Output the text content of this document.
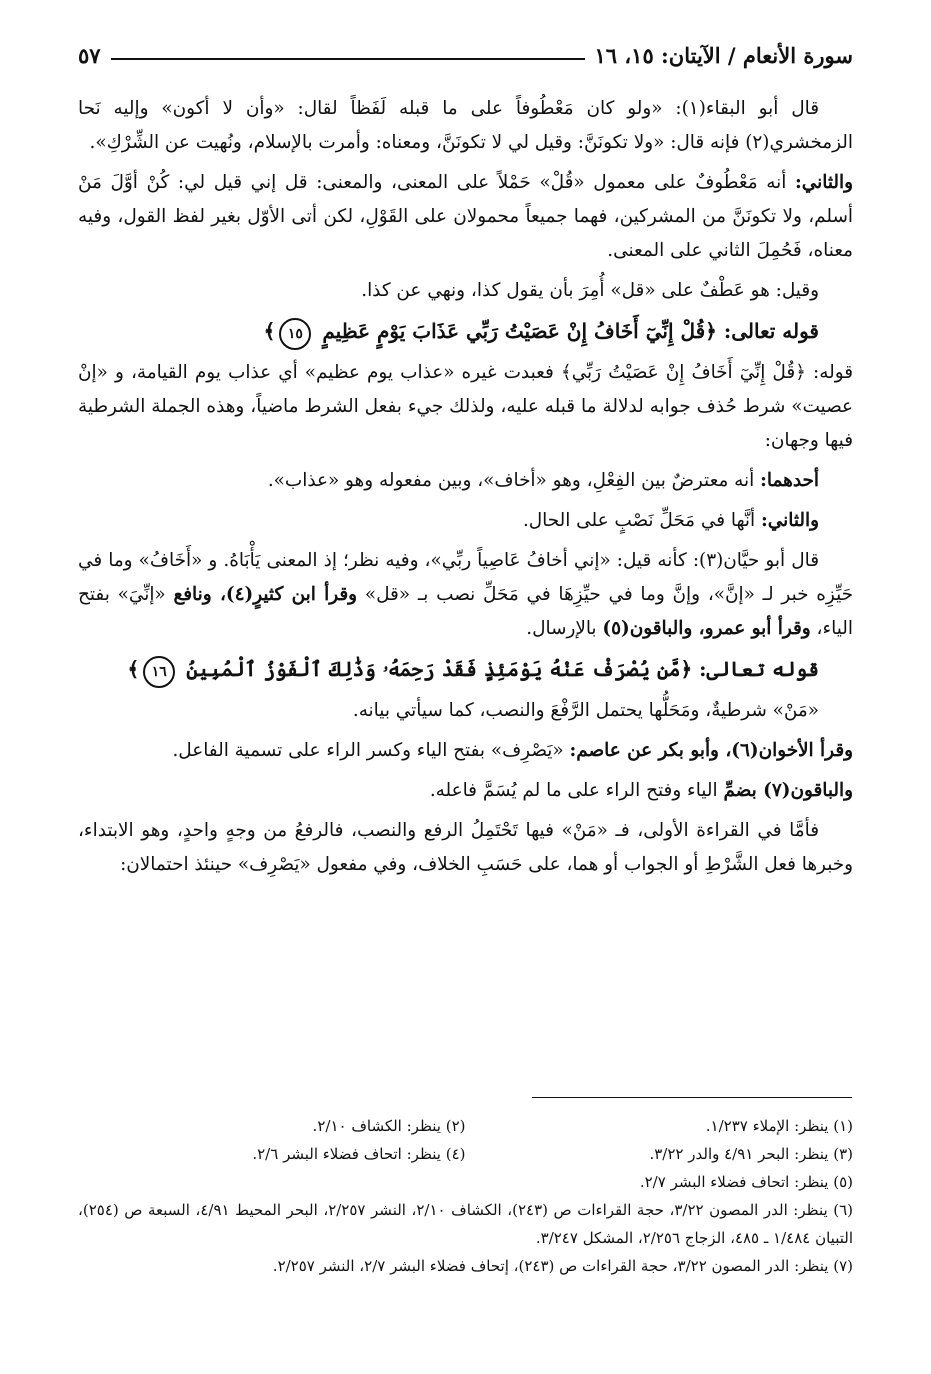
سورة الأنعام / الآيتان: ١٥، ١٦
٥٧

قال أبو البقاء(١): «ولو كان مَعْطُوفاً على ما قبله لَفَظاً لقال: «وأن لا أكون» وإليه نَحا الزمخشري(٢) فإنه قال: «ولا تكونَنَّ: وقيل لي لا تكونَنَّ، ومعناه: وأمرت بالإسلام، ونُهيت عن الشِّرْكِ».

والثاني: أنه مَعْطُوفٌ على معمول «قُلْ» حَمْلاً على المعنى، والمعنى: قل إني قيل لي: كُنْ أوَّلَ مَنْ أسلم، ولا تكونَنَّ من المشركين، فهما جميعاً محمولان على القَوْلِ، لكن أتى الأوّل بغير لفظ القول، وفيه معناه، فَحُمِلَ الثاني على المعنى.

وقيل: هو عَطْفٌ على «قل» أُمِرَ بأن يقول كذا، ونهي عن كذا.

قوله تعالى: ﴿قُلْ إِنِّيٓ أَخَافُ إِنْ عَصَيْتُ رَبِّي عَذَابَ يَوْمٍ عَظِيمٍ ١٥﴾

قوله: ﴿قُلْ إِنِّيٓ أَخَافُ إِنْ عَصَيْتُ رَبِّي﴾ فعبدت غيره «عذاب يوم عظيم» أي عذاب يوم القيامة، و «إنْ عصيت» شرط حُذف جوابه لدلالة ما قبله عليه، ولذلك جيء بفعل الشرط ماضياً، وهذه الجملة الشرطية فيها وجهان:

أحدهما: أنه معترضٌ بين الفِعْلِ، وهو «أخاف»، وبين مفعوله وهو «عذاب».

والثاني: أنَّها في مَحَلِّ نَصْبٍ على الحال.

قال أبو حيَّان(٣): كأنه قيل: «إني أخافُ عَاصِياً ربِّي»، وفيه نظر؛ إذ المعنى يَأْبَاهُ. و «أَخَافُ» وما في حَيِّزِه خبر لـ «إنَّ»، وإنَّ وما في حيِّزِهَا في مَحَلِّ نصب بـ «قل» وقرأ ابن كثيرٍ(٤)، ونافع «إنِّيَ» بفتح الياء، وقرأ أبو عمرو، والباقون(٥) بالإرسال.

قوله تعالى: ﴿مَّن يُصْرَفْ عَنْهُ يَوْمَئِذٍ فَقَدْ رَحِمَهُۥ وَذَٰلِكَ ٱلْفَوْزُ ٱلْمُبِينُ ١٦﴾

«مَنْ» شرطيةٌ، ومَحَلُّها يحتمل الرَّفْعَ والنصب، كما سيأتي بيانه.

وقرأ الأخوان(٦)، وأبو بكر عن عاصم: «يَصْرِف» بفتح الياء وكسر الراء على تسمية الفاعل.

والباقون(٧) بضمِّ الياء وفتح الراء على ما لم يُسَمَّ فاعله.

فأمَّا في القراءة الأولى، فـ «مَنْ» فيها تَحْتَمِلُ الرفع والنصب، فالرفعُ من وجهٍ واحدٍ، وهو الابتداء، وخبرها فعل الشَّرْطِ أو الجواب أو هما، على حَسَبِ الخلاف، وفي مفعول «يَصْرِف» حينئذ احتمالان:

(١) ينظر: الإملاء ١/٢٣٧.
(٢) ينظر: الكشاف ٢/١٠.
(٣) ينظر: البحر ٤/٩١ والدر ٣/٢٢.
(٤) ينظر: اتحاف فضلاء البشر ٢/٦.
(٥) ينظر: اتحاف فضلاء البشر ٢/٧.
(٦) ينظر: الدر المصون ٣/٢٢، حجة القراءات ص (٢٤٣)، الكشاف ٢/١٠، النشر ٢/٢٥٧، البحر المحيط ٤/٩١، السبعة ص (٢٥٤)، التبيان ١/٤٨٤ ـ ٤٨٥، الزجاج ٢/٢٥٦، المشكل ٣/٢٤٧.
(٧) ينظر: الدر المصون ٣/٢٢، حجة القراءات ص (٢٤٣)، إتحاف فضلاء البشر ٢/٧، النشر ٢/٢٥٧.
